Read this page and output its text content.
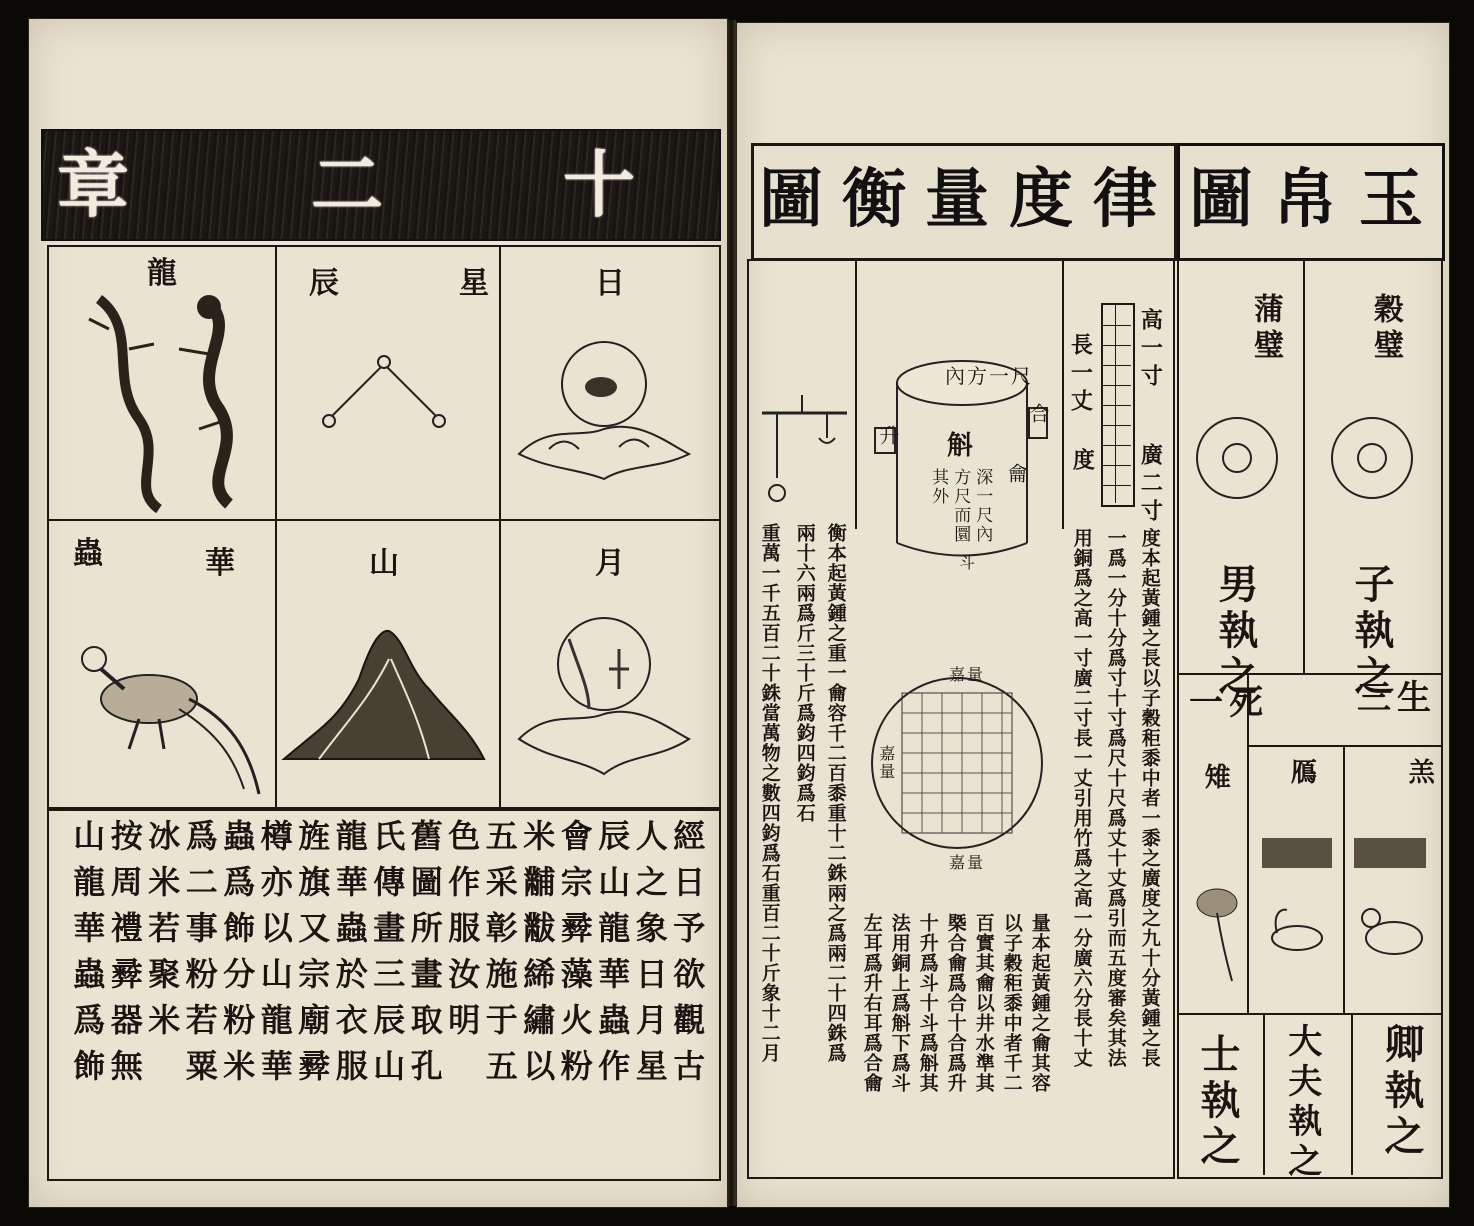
章	二 十
龍	辰	星	日
蟲	華	山	月
經日予欲觀古
人之象日月星
辰山龍華蟲作
會宗彛藻火粉
米黼黻絺繡以
五采彰施于五
色作服汝明
舊圖所畫取孔
氏傳畫三辰山
龍華蟲於衣服
旌旗又宗廟彛
樽亦以山龍華
蟲爲飾分粉米
爲二事粉若粟
冰米若聚米
按周禮彛器無
山龍華蟲爲飾
圖 衡 量 度 律 圖 帛 玉
內方一尺
合
升 斛
深一尺內方尺而圜其外	龠
斗
嘉量
嘉量
嘉量
高一寸
廣二寸
長一丈
度
度本起黃鍾之長以子穀秬黍中者一黍之廣度之九十分黃鍾之長
一爲一分十分爲寸十寸爲尺十尺爲丈十丈爲引而五度審矣其法
用銅爲之高一寸廣二寸長一丈引用竹爲之高一分廣六分長十丈
量本起黃鍾之龠其容
以子穀秬黍中者千二
百實其龠以井水準其
槩合龠爲合十合爲升
十升爲斗十斗爲斛其
法用銅上爲斛下爲斗
左耳爲升右耳爲合龠
衡本起黃鍾之重一龠容千二百黍重十二銖兩之爲兩二十四銖爲
兩十六兩爲斤三十斤爲鈞四鈞爲石
重萬一千五百二十銖當萬物之數四鈞爲石重百二十斤象十二月
穀璧
蒲璧
子執之
男執之	三生
一死
羔
鴈
雉
卿執之
大夫執之
士執之
